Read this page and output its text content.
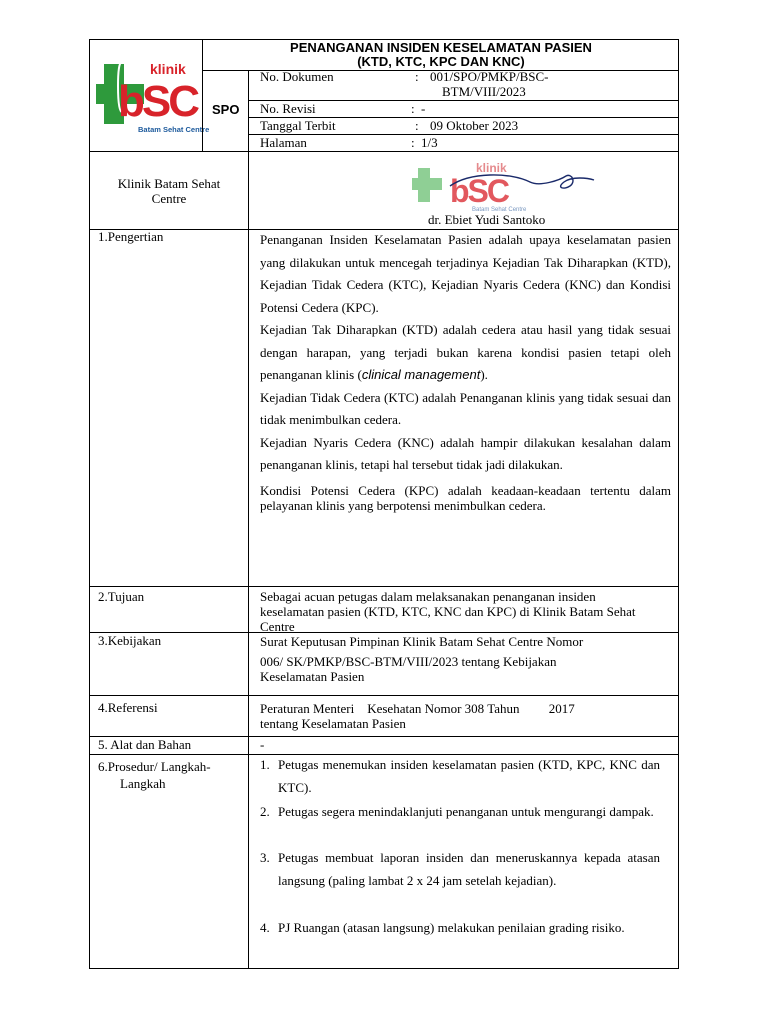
klinik
bSC
Batam Sehat Centre
PENANGANAN INSIDEN KESELAMATAN PASIEN
(KTD, KTC, KPC DAN KNC)
SPO
No. Dokumen	: 001/SPO/PMKP/BSC-
BTM/VIII/2023
No. Revisi	: -
Tanggal Terbit	: 09 Oktober 2023
Halaman	: 1/3
Klinik Batam Sehat
Centre
klinik
bSC
Batam Sehat Centre
dr. Ebiet Yudi Santoko
1.Pengertian	Penanganan Insiden Keselamatan Pasien adalah upaya keselamatan pasien yang dilakukan untuk mencegah terjadinya Kejadian Tak Diharapkan (KTD), Kejadian Tidak Cedera (KTC), Kejadian Nyaris Cedera (KNC) dan Kondisi Potensi Cedera (KPC).
Kejadian Tak Diharapkan (KTD) adalah cedera atau hasil yang tidak sesuai dengan harapan, yang terjadi bukan karena kondisi pasien tetapi oleh penanganan klinis (clinical management).
Kejadian Tidak Cedera (KTC) adalah Penanganan klinis yang tidak sesuai dan tidak menimbulkan cedera.
Kejadian Nyaris Cedera (KNC) adalah hampir dilakukan kesalahan dalam penanganan klinis, tetapi hal tersebut tidak jadi dilakukan.
Kondisi Potensi Cedera (KPC) adalah keadaan-keadaan tertentu dalam pelayanan klinis yang berpotensi menimbulkan cedera.
2.Tujuan	Sebagai acuan petugas dalam melaksanakan penanganan insiden keselamatan pasien (KTD, KTC, KNC dan KPC) di Klinik Batam Sehat Centre
3.Kebijakan	Surat Keputusan Pimpinan Klinik Batam Sehat Centre Nomor
006/ SK/PMKP/BSC-BTM/VIII/2023 tentang Kebijakan
Keselamatan Pasien
4.Referensi	Peraturan Menteri    Kesehatan Nomor 308 Tahun         2017
tentang Keselamatan Pasien
5. Alat dan Bahan	-
6.Prosedur/ Langkah-
Langkah
1. Petugas menemukan insiden keselamatan pasien (KTD, KPC, KNC dan KTC).
2. Petugas segera menindaklanjuti penanganan untuk mengurangi dampak.
3. Petugas membuat laporan insiden dan meneruskannya kepada atasan langsung (paling lambat 2 x 24 jam setelah kejadian).
4. PJ Ruangan (atasan langsung) melakukan penilaian grading risiko.
